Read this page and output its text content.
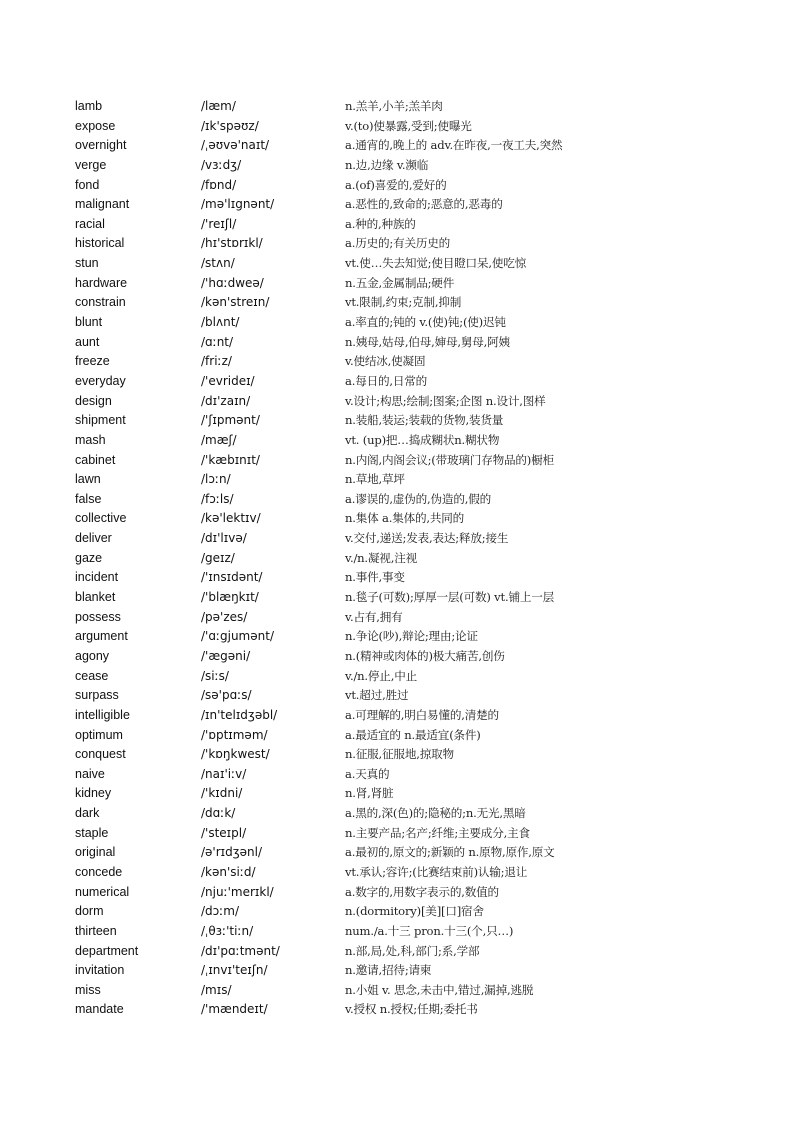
lamb	/læm/	n.羔羊,小羊;羔羊肉
expose	/ɪk'spəʊz/	v.(to)使暴露,受到;使曝光
overnight	/ˌəʊvə'naɪt/	a.通宵的,晚上的 adv.在昨夜,一夜工夫,突然
verge	/vɜːdʒ/	n.边,边缘 v.濒临
fond	/fɒnd/	a.(of)喜爱的,爱好的
malignant	/mə'lɪgnənt/	a.恶性的,致命的;恶意的,恶毒的
racial	/'reɪʃl/	a.种的,种族的
historical	/hɪ'stɒrɪkl/	a.历史的;有关历史的
stun	/stʌn/	vt.使…失去知觉;使目瞪口呆,使吃惊
hardware	/'hɑːdweə/	n.五金,金属制品;硬件
constrain	/kən'streɪn/	vt.限制,约束;克制,抑制
blunt	/blʌnt/	a.率直的;钝的 v.(使)钝;(使)迟钝
aunt	/ɑːnt/	n.姨母,姑母,伯母,婶母,舅母,阿姨
freeze	/friːz/	v.使结冰,使凝固
everyday	/'evrideɪ/	a.每日的,日常的
design	/dɪ'zaɪn/	v.设计;构思;绘制;图案;企图 n.设计,图样
shipment	/'ʃɪpmənt/	n.装船,装运;装载的货物,装货量
mash	/mæʃ/	vt. (up)把…捣成糊状n.糊状物
cabinet	/'kæbɪnɪt/	n.内阁,内阁会议;(带玻璃门存物品的)橱柜
lawn	/lɔːn/	n.草地,草坪
false	/fɔːls/	a.谬误的,虚伪的,伪造的,假的
collective	/kə'lektɪv/	n.集体 a.集体的,共同的
deliver	/dɪ'lɪvə/	v.交付,递送;发表,表达;释放;接生
gaze	/geɪz/	v./n.凝视,注视
incident	/'ɪnsɪdənt/	n.事件,事变
blanket	/'blæŋkɪt/	n.毯子(可数);厚厚一层(可数) vt.铺上一层
possess	/pə'zes/	v.占有,拥有
argument	/'ɑːgjumənt/	n.争论(吵),辩论;理由;论证
agony	/'ægəni/	n.(精神或肉体的)极大痛苦,创伤
cease	/siːs/	v./n.停止,中止
surpass	/sə'pɑːs/	vt.超过,胜过
intelligible	/ɪn'telɪdʒəbl/	a.可理解的,明白易懂的,清楚的
optimum	/'ɒptɪməm/	a.最适宜的 n.最适宜(条件)
conquest	/'kɒŋkwest/	n.征服,征服地,掠取物
naive	/naɪ'iːv/	a.天真的
kidney	/'kɪdni/	n.肾,肾脏
dark	/dɑːk/	a.黑的,深(色)的;隐秘的;n.无光,黑暗
staple	/'steɪpl/	n.主要产品;名产;纤维;主要成分,主食
original	/ə'rɪdʒənl/	a.最初的,原文的;新颖的 n.原物,原作,原文
concede	/kən'siːd/	vt.承认;容许;(比赛结束前)认输;退让
numerical	/njuː'merɪkl/	a.数字的,用数字表示的,数值的
dorm	/dɔːm/	n.(dormitory)[美][口]宿舍
thirteen	/ˌθɜː'tiːn/	num./a.十三 pron.十三(个,只…)
department	/dɪ'pɑːtmənt/	n.部,局,处,科,部门;系,学部
invitation	/ˌɪnvɪ'teɪʃn/	n.邀请,招待;请柬
miss	/mɪs/	n.小姐 v. 思念,未击中,错过,漏掉,逃脱
mandate	/'mændeɪt/	v.授权 n.授权;任期;委托书
